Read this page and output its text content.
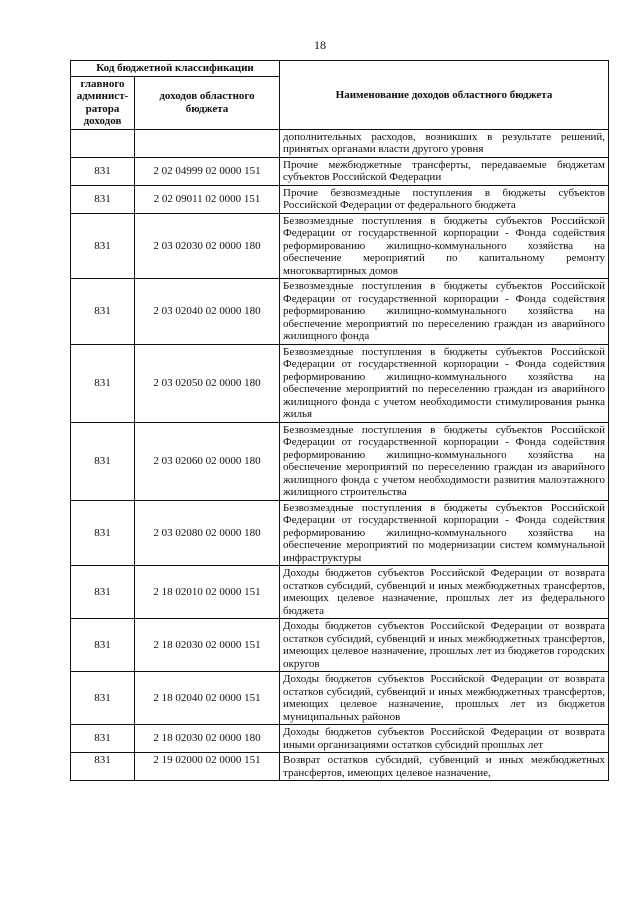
18
Код бюджетной классификации		Наименование доходов областного бюджета
главного админист-ратора доходов	доходов областного бюджета	
		дополнительных расходов, возникших в результате решений, принятых органами власти другого уровня
831	2 02 04999 02 0000 151	Прочие межбюджетные трансферты, передаваемые бюджетам субъектов Российской Федерации
831	2 02 09011 02 0000 151	Прочие безвозмездные поступления в бюджеты субъектов Российской Федерации от федерального бюджета
831	2 03 02030 02 0000 180	Безвозмездные поступления в бюджеты субъектов Российской Федерации от государственной корпорации - Фонда содействия реформированию жилищно-коммунального хозяйства на обеспечение мероприятий по капитальному ремонту многоквартирных домов
831	2 03 02040 02 0000 180	Безвозмездные поступления в бюджеты субъектов Российской Федерации от государственной корпорации - Фонда содействия реформированию жилищно-коммунального хозяйства на обеспечение мероприятий по переселению граждан из аварийного жилищного фонда
831	2 03 02050 02 0000 180	Безвозмездные поступления в бюджеты субъектов Российской Федерации от государственной корпорации - Фонда содействия реформированию жилищно-коммунального хозяйства на обеспечение мероприятий по переселению граждан из аварийного жилищного фонда с учетом необходимости стимулирования рынка жилья
831	2 03 02060 02 0000 180	Безвозмездные поступления в бюджеты субъектов Российской Федерации от государственной корпорации - Фонда содействия реформированию жилищно-коммунального хозяйства на обеспечение мероприятий по переселению граждан из аварийного жилищного фонда с учетом необходимости развития малоэтажного жилищного строительства
831	2 03 02080 02 0000 180	Безвозмездные поступления в бюджеты субъектов Российской Федерации от государственной корпорации - Фонда содействия реформированию жилищно-коммунального хозяйства на обеспечение мероприятий по модернизации систем коммунальной инфраструктуры
831	2 18 02010 02 0000 151	Доходы бюджетов субъектов Российской Федерации от возврата остатков субсидий, субвенций и иных межбюджетных трансфертов, имеющих целевое назначение, прошлых лет из федерального бюджета
831	2 18 02030 02 0000 151	Доходы бюджетов субъектов Российской Федерации от возврата остатков субсидий, субвенций и иных межбюджетных трансфертов, имеющих целевое назначение, прошлых лет из бюджетов городских округов
831	2 18 02040 02 0000 151	Доходы бюджетов субъектов Российской Федерации от возврата остатков субсидий, субвенций и иных межбюджетных трансфертов, имеющих целевое назначение, прошлых лет из бюджетов муниципальных районов
831	2 18 02030 02 0000 180	Доходы бюджетов субъектов Российской Федерации от возврата иными организациями остатков субсидий прошлых лет
831	2 19 02000 02 0000 151	Возврат остатков субсидий, субвенций и иных межбюджетных трансфертов, имеющих целевое назначение,
